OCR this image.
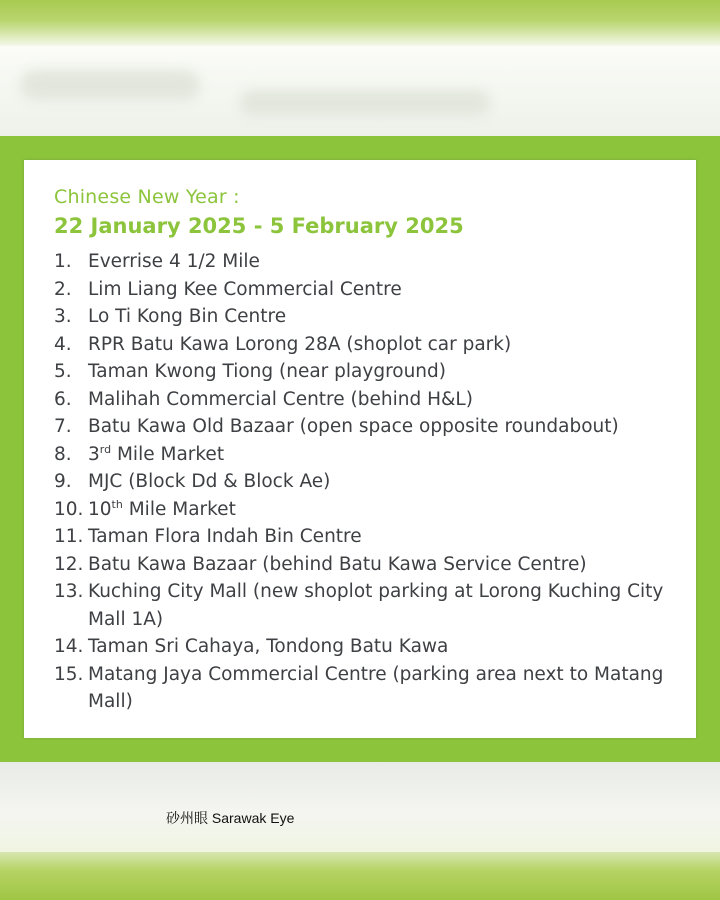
Chinese New Year :
22 January 2025 - 5 February 2025
1. Everrise 4 1/2 Mile
2. Lim Liang Kee Commercial Centre
3. Lo Ti Kong Bin Centre
4. RPR Batu Kawa Lorong 28A (shoplot car park)
5. Taman Kwong Tiong (near playground)
6. Malihah Commercial Centre (behind H&L)
7. Batu Kawa Old Bazaar (open space opposite roundabout)
8. 3rd Mile Market
9. MJC (Block Dd & Block Ae)
10. 10th Mile Market
11. Taman Flora Indah Bin Centre
12. Batu Kawa Bazaar (behind Batu Kawa Service Centre)
13. Kuching City Mall (new shoplot parking at Lorong Kuching City Mall 1A)
14. Taman Sri Cahaya, Tondong Batu Kawa
15. Matang Jaya Commercial Centre (parking area next to Matang Mall)
砂州眼 Sarawak Eye
